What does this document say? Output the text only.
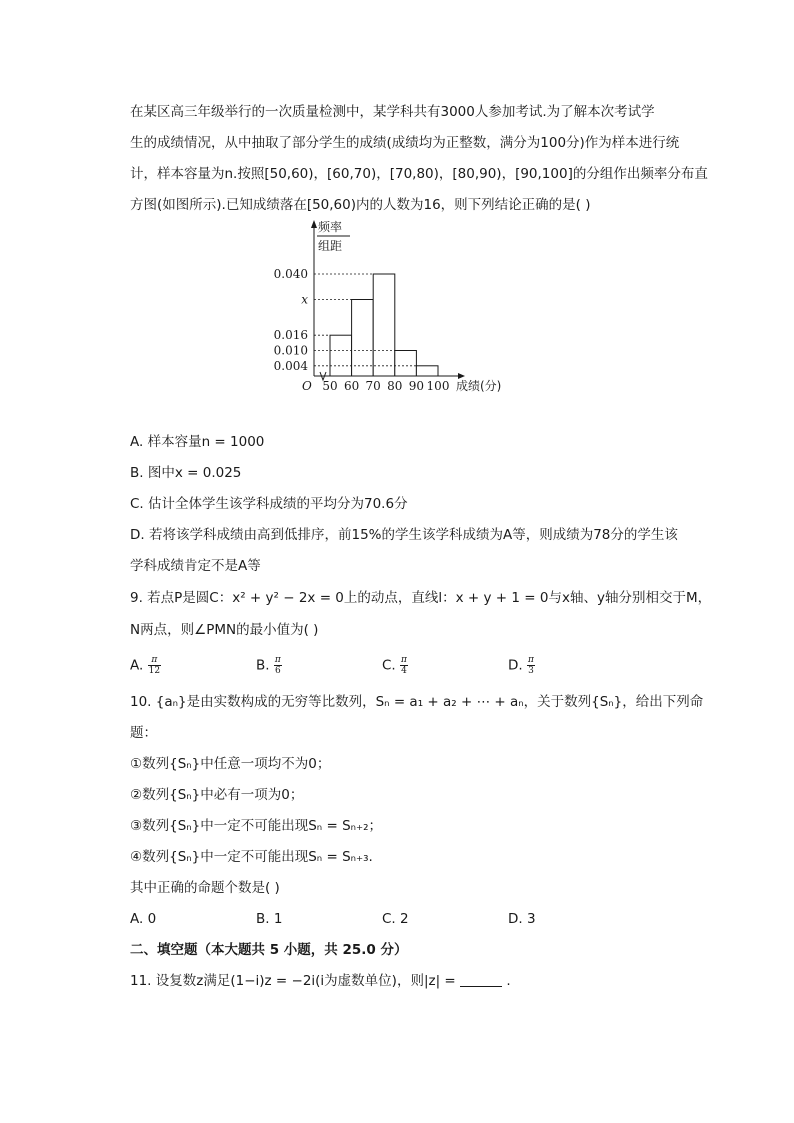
在某区高三年级举行的一次质量检测中，某学科共有3000人参加考试.为了解本次考试学
生的成绩情况，从中抽取了部分学生的成绩(成绩均为正整数，满分为100分)作为样本进行统
计，样本容量为n.按照[50,60)，[60,70)，[70,80)，[80,90)，[90,100]的分组作出频率分布直
方图(如图所示).已知成绩落在[50,60)内的人数为16，则下列结论正确的是( )
频率
组距
0.040
x
0.016
0.010
0.004
50 60 70 80 90 100
O	成绩(分)
A. 样本容量n = 1000
B. 图中x = 0.025
C. 估计全体学生该学科成绩的平均分为70.6分
D. 若将该学科成绩由高到低排序，前15%的学生该学科成绩为A等，则成绩为78分的学生该
学科成绩肯定不是A等
9. 若点P是圆C：x² + y² − 2x = 0上的动点，直线l：x + y + 1 = 0与x轴、y轴分别相交于M，
N两点，则∠PMN的最小值为( )
A. $\frac{\pi}{12}$	B. $\frac{\pi}{6}$	C. $\frac{\pi}{4}$	D. $\frac{\pi}{3}$
10. {aₙ}是由实数构成的无穷等比数列，Sₙ = a₁ + a₂ + ⋯ + aₙ，关于数列{Sₙ}，给出下列命
题：
①数列{Sₙ}中任意一项均不为0；
②数列{Sₙ}中必有一项为0；
③数列{Sₙ}中一定不可能出现Sₙ = Sₙ₊₂；
④数列{Sₙ}中一定不可能出现Sₙ = Sₙ₊₃.
其中正确的命题个数是( )
A. 0	B. 1	C. 2	D. 3
二、填空题（本大题共 5 小题，共 25.0 分）
11. 设复数z满足(1−i)z = −2i(i为虚数单位)，则|z| =	.
